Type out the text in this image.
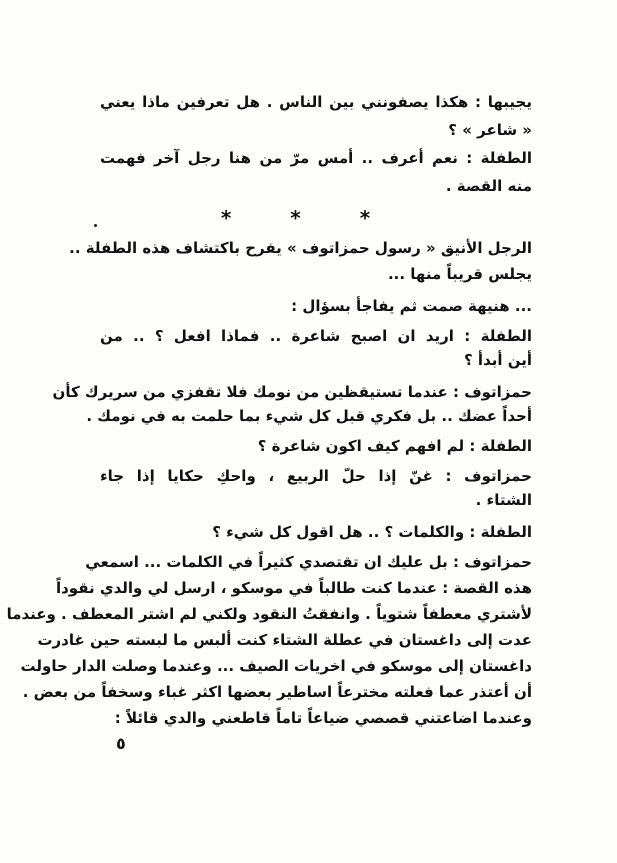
يجيبها : هكذا يصفونني بين الناس . هل تعرفين ماذا يعني
« شاعر » ؟
الطفلة : نعم أعرف .. أمس مرّ من هنا رجل آخر فهمت
منه القصة .
* * *
الرجل الأنيق « رسول حمزاتوف » يفرح باكتشاف هذه الطفلة ..
يجلس قريباً منها ...
... هنيهة صمت ثم يفاجأ بسؤال :
الطفلة : اريد ان اصبح شاعرة .. فماذا افعل ؟ .. من
أين أبدأ ؟
حمزاتوف : عندما تستيقظين من نومك فلا تقفزي من سريرك كأن
أحداً عضك .. بل فكري قبل كل شيء بما حلمت به في نومك .
الطفلة : لم افهم كيف اكون شاعرة ؟
حمزاتوف : غنّ إذا حلّ الربيع ، واحكِ حكايا إذا جاء
الشتاء .
الطفلة : والكلمات ؟ .. هل اقول كل شيء ؟
حمزاتوف : بل عليك ان تقتصدي كثيراً في الكلمات ... اسمعي
هذه القصة : عندما كنت طالباً في موسكو ، ارسل لي والدي نقوداً
لأشتري معطفاً شتوياً . وانفقتُ النقود ولكني لم اشتر المعطف . وعندما
عدت إلى داغستان في عطلة الشتاء كنت ألبس ما لبسته حين غادرت
داغستان إلى موسكو في اخريات الصيف ... وعندما وصلت الدار حاولت
أن أعتذر عما فعلته مخترعاً اساطير بعضها اكثر غباء وسخفاً من بعض .
وعندما اضاعتني قصصي ضياعاً تاماً قاطعني والدي قائلاً :
٥
